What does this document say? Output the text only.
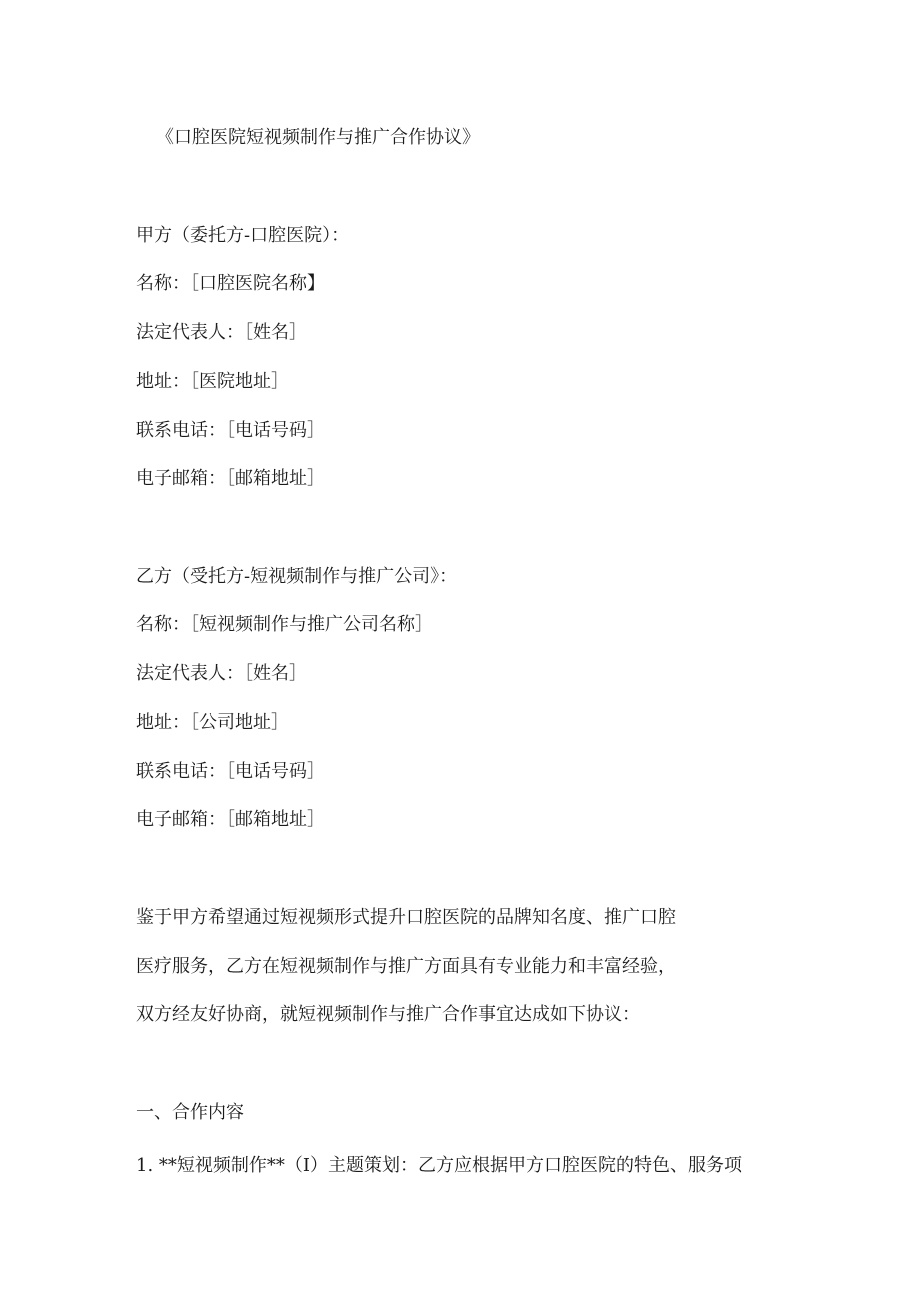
《口腔医院短视频制作与推广合作协议》
甲方（委托方-口腔医院）：
名称：［口腔医院名称】
法定代表人：［姓名］
地址：［医院地址］
联系电话：［电话号码］
电子邮箱：［邮箱地址］
乙方（受托方-短视频制作与推广公司》：
名称：［短视频制作与推广公司名称］
法定代表人：［姓名］
地址：［公司地址］
联系电话：［电话号码］
电子邮箱：［邮箱地址］
鉴于甲方希望通过短视频形式提升口腔医院的品牌知名度、推广口腔
医疗服务，乙方在短视频制作与推广方面具有专业能力和丰富经验，
双方经友好协商，就短视频制作与推广合作事宜达成如下协议：
一、合作内容
1. **短视频制作**（I）主题策划：乙方应根据甲方口腔医院的特色、服务项
